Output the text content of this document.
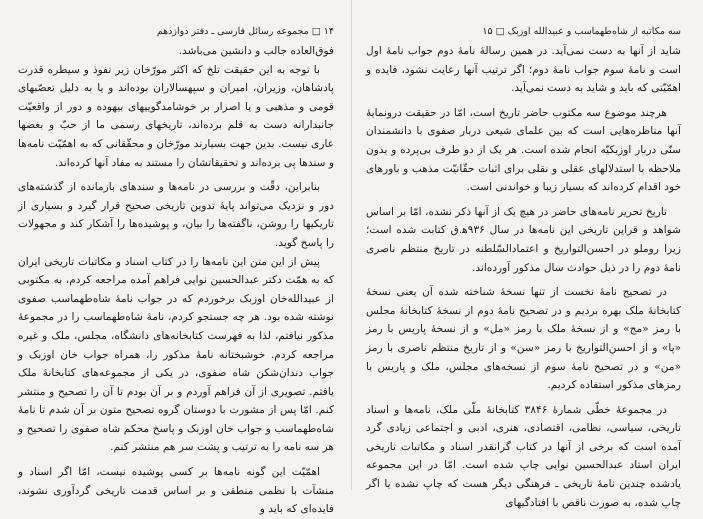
۱۴ □ مجموعه رسائل فارسی ـ دفتر دوازدهم

فوق‌العاده جالب و دانشین می‌باشد.

با توجه به این حقیقت تلخ که اکثر مورّخان زیر نفوذ و سیطره قدرت پادشاهان، وزیران، امیران و سپهسالاران بوده‌اند و یا به دلیل تعصّبهای قومی و مذهبی و یا اصرار بر خوشامدگوییهای بیهوده و دور از واقعیّت جانبدارانه دست به قلم برده‌اند، تاریخهای رسمی ما از حبّ و بغضها عاری نیست. بدین جهت بسیارند مورّخان و محقّقانی که به اهمّیّت نامه‌ها و سندها پی برده‌اند و تحقیقاتشان را مستند به مفاد آنها کرده‌اند.

بنابراین، دقّت و بررسی در نامه‌ها و سندهای بازمانده از گذشته‌های دور و نزدیک می‌تواند پایهٔ تدوین تاریخی صحیح قرار گیرد و بسیاری از تاریکیها را روشن، ناگفته‌ها را بیان، و پوشیده‌ها را آشکار کند و مجهولات را پاسخ گوید.

پیش از این متن این نامه‌ها را در کتاب اسناد و مکاتبات تاریخی ایران که به همّت دکتر عبدالحسین نوایی فراهم آمده مراجعه کردم، به مکتوبی از عبیدالله‌خان اوزبک برخوردم که در جواب نامهٔ شاه‌طهماسب صفوی نوشته شده بود. هر چه جستجو کردم، نامهٔ شاه‌طهماسب را در مجموعهٔ مذکور نیافتم، لذا به فهرست کتابخانه‌های دانشگاه، مجلس، ملک و غیره مراجعه کردم. خوشبختانه نامهٔ مذکور را، همراه جواب خان اوزبک و جواب دندان‌شکن شاه صفوی، در یکی از مجموعه‌های کتابخانهٔ ملک یافتم. تصویری از آن فراهم آوردم و بر آن بودم تا آن را تصحیح و منتشر کنم. امّا پس از مشورت با دوستان گروه تصحیح متون بر آن شدم تا نامهٔ شاه‌طهماسب و جواب خان اوزبک و پاسخ محکم شاه صفوی را تصحیح و هر سه نامه را به ترتیب و پشت سر هم منتشر کنم.

اهمّیّت این گونه نامه‌ها بر کسی پوشیده نیست، امّا اگر اسناد و منشآت با نظمی منطقی و بر اساس قدمت تاریخی گردآوری نشوند، فایده‌ای که باید و

سه مکاتبه از شاه‌طهماسب و عبیدالله اوزبک □ ۱۵

شاید از آنها به دست نمی‌آید. در همین رسالهٔ نامهٔ دوم جواب نامهٔ اول است و نامهٔ سوم جواب نامهٔ دوم؛ اگر ترتیب آنها رعایت نشود، فایده و اهمّیّتی که باید و شاید به دست نمی‌آید.

هرچند موضوع سه مکتوب حاضر تاریخ است، امّا در حقیقت درونمایهٔ آنها مناظره‌هایی است که بین علمای شیعی دربار صفوی با دانشمندان سنّی دربار اوزبکیّه انجام شده است. هر یک از دو طرف بی‌پرده و بدون ملاحظه با استدلالهای عقلی و نقلی برای اثبات حقّانیّت مذهب و باورهای خود اقدام کرده‌اند که بسیار زیبا و خواندنی است.

تاریخ تحریر نامه‌های حاضر در هیچ یک از آنها ذکر نشده، امّا بر اساس شواهد و قراین تاریخی این نامه‌ها در سال ۹۳۶ه‍.ق کتابت شده است؛ زیرا روملو در احسن‌التواریخ و اعتمادالسّلطنه در تاریخ منتظم ناصری نامهٔ دوم را در ذیل حوادث سال مذکور آورده‌اند.

در تصحیح نامهٔ نخست از تنها نسخهٔ شناخته شده آن یعنی نسخهٔ کتابخانهٔ ملک بهره بردیم و در تصحیح نامهٔ دوم از نسخهٔ کتابخانهٔ مجلس با رمز «مج» و از نسخهٔ ملک با رمز «مل» و از نسخهٔ پاریس با رمز «پا» و از احسن‌التواریخ با رمز «سن» و از تاریخ منتظم ناصری با رمز «من» و در تصحیح نامهٔ سوم از نسخه‌های مجلس، ملک و پاریس با رمزهای مذکور استفاده کردیم.

در مجموعهٔ خطّی شمارهٔ ۳۸۴۶ کتابخانهٔ ملّی ملک، نامه‌ها و اسناد تاریخی، سیاسی، نظامی، اقتصادی، هنری، ادبی و اجتماعی زیادی گرد آمده است که برخی از آنها در کتاب گرانقدر اسناد و مکاتبات تاریخی ایران استاد عبدالحسین نوایی چاپ شده است. امّا در این مجموعه یادشده چندین نامهٔ تاریخی ـ فرهنگی دیگر هست که چاپ نشده یا اگر چاپ شده، به صورت ناقص با افتادگیهای
